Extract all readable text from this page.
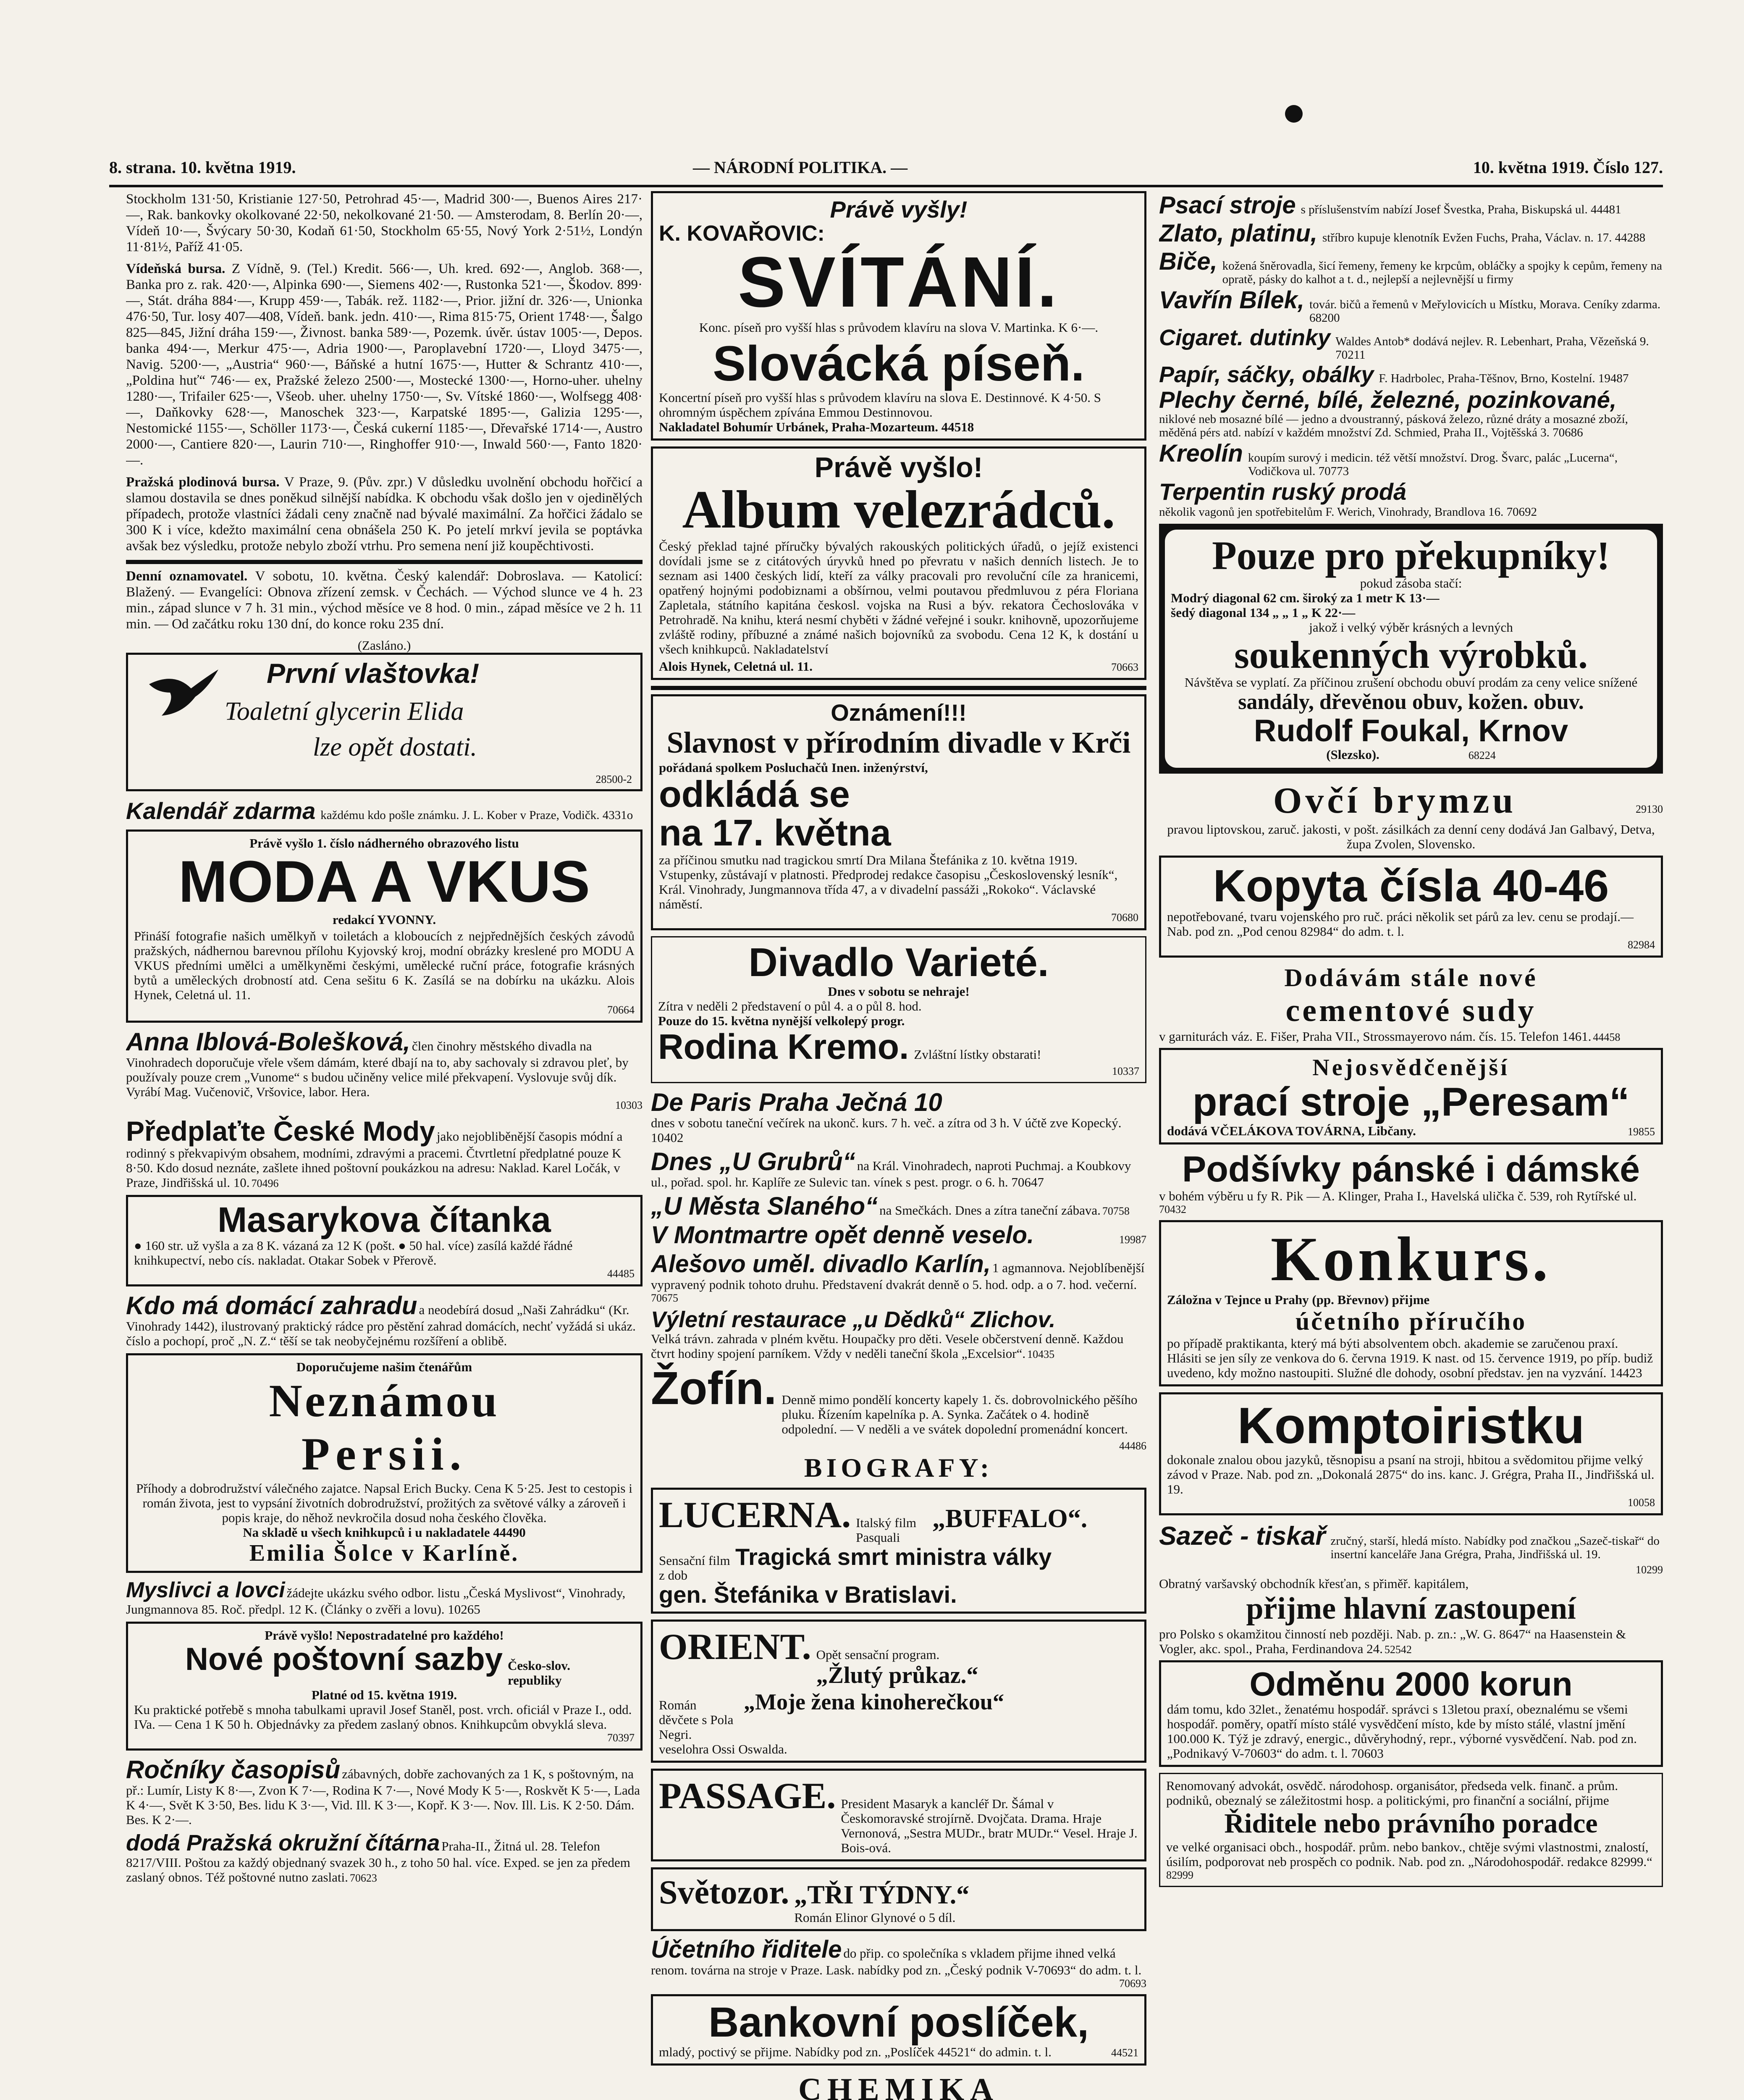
8. strana. 10. května 1919.	— NÁRODNÍ POLITIKA. —	10. května 1919. Číslo 127.

Stockholm 131·50, Kristianie 127·50, Petrohrad 45·—, Madrid 300·—, Buenos Aires 217·—, Rak. bankovky okolkované 22·50, nekolkované 21·50. — Amsterodam, 8. Berlín 20·—, Vídeň 10·—, Švýcary 50·30, Kodaň 61·50, Stockholm 65·55, Nový York 2·51½, Londýn 11·81½, Paříž 41·05.

Vídeňská bursa. Z Vídně, 9. (Tel.) Kredit. 566·—, Uh. kred. 692·—, Anglob. 368·—, Banka pro z. rak. 420·—, Alpinka 690·—, Siemens 402·—, Rustonka 521·—, Škodov. 899·—, Stát. dráha 884·—, Krupp 459·—, Tabák. rež. 1182·—, Prior. jižní dr. 326·—, Unionka 476·50, Tur. losy 407—408, Vídeň. bank. jedn. 410·—, Rima 815·75, Orient 1748·—, Šalgo 825—845, Jižní dráha 159·—, Živnost. banka 589·—, Pozemk. úvěr. ústav 1005·—, Depos. banka 494·—, Merkur 475·—, Adria 1900·—, Paroplavební 1720·—, Lloyd 3475·—, Navig. 5200·—, „Austria“ 960·—, Báňské a hutní 1675·—, Hutter & Schrantz 410·—, „Poldina huť“ 746·— ex, Pražské železo 2500·—, Mostecké 1300·—, Horno-uher. uhelny 1280·—, Trifailer 625·—, Všeob. uher. uhelny 1750·—, Sv. Vítské 1860·—, Wolfsegg 408·—, Daňkovky 628·—, Manoschek 323·—, Karpatské 1895·—, Galizia 1295·—, Nestomické 1155·—, Schöller 1173·—, Česká cukerní 1185·—, Dřevařské 1714·—, Austro 2000·—, Cantiere 820·—, Laurin 710·—, Ringhoffer 910·—, Inwald 560·—, Fanto 1820·—.

Pražská plodinová bursa. V Praze, 9. (Pův. zpr.) V důsledku uvolnění obchodu hořčicí a slamou dostavila se dnes poněkud silnější nabídka. K obchodu však došlo jen v ojedinělých případech, protože vlastníci žádali ceny značně nad bývalé maximální. Za hořčici žádalo se 300 K i více, kdežto maximální cena obnášela 250 K. Po jetelí mrkví jevila se poptávka avšak bez výsledku, protože nebylo zboží vtrhu. Pro semena není již koupěchtivosti.

Denní oznamovatel. V sobotu, 10. května. Český kalendář: Dobroslava. — Katolicí: Blažený. — Evangelíci: Obnova zřízení zemsk. v Čechách. — Východ slunce ve 4 h. 23 min., západ slunce v 7 h. 31 min., východ měsíce ve 8 hod. 0 min., západ měsíce ve 2 h. 11 min. — Od začátku roku 130 dní, do konce roku 235 dní.

(Zasláno.)
První vlaštovka!
Toaletní glycerin Elida
lze opět dostati.
28500-2
Kalendář zdarma každému kdo pošle známku. J. L. Kober v Praze, Vodičk. 4331o
Právě vyšlo 1. číslo nádherného obrazového listu
MODA A VKUS
redakcí YVONNY.
Přináší fotografie našich umělkyň v toiletách a kloboucích z nejpřednějších českých závodů pražských, nádhernou barevnou přílohu Kyjovský kroj, modní obrázky kreslené pro MODU A VKUS předními umělci a umělkyněmi českými, umělecké ruční práce, fotografie krásných bytů a uměleckých drobností atd. Cena sešitu 6 K. Zasílá se na dobírku na ukázku. Alois Hynek, Celetná ul. 11.
70664
Anna Iblová-Bolešková, člen činohry městského divadla na Vinohradech doporučuje vřele všem dámám, které dbají na to, aby sachovaly si zdravou pleť, by používaly pouze crem „Vunome“ s budou učiněny velice milé překvapení. Vyslovuje svůj dík. Vyrábí Mag. Vučenovič, Vršovice, labor. Hera.
10303
Předplaťte České Mody jako nejobliběnější časopis módní a rodinný s překvapivým obsahem, modními, zdravými a pracemi. Čtvrtletní předplatné pouze K 8·50. Kdo dosud neznáte, zašlete ihned poštovní poukázkou na adresu: Naklad. Karel Ločák, v Praze, Jindřišská ul. 10. 70496
Masarykova čítanka
● 160 str. už vyšla a za 8 K. vázaná za 12 K (pošt. ● 50 hal. více) zasílá každé řádné knihkupectví, nebo cís. nakladat. Otakar Sobek v Přerově.
44485
Kdo má domácí zahradu a neodebírá dosud „Naši Zahrádku“ (Kr. Vinohrady 1442), ilustrovaný praktický rádce pro pěstění zahrad domácích, nechť vyžádá si ukáz. číslo a pochopí, proč „N. Z.“ těší se tak neobyčejnému rozšíření a oblibě.
Doporučujeme našim čtenářům
Neznámou
Persii.
Příhody a dobrodružství válečného zajatce. Napsal Erich Bucky. Cena K 5·25. Jest to cestopis i román života, jest to vypsání životních dobrodružství, prožitých za světové války a zároveň i popis kraje, do něhož nevkročila dosud noha českého člověka.
Na skladě u všech knihkupců i u nakladatele 44490
Emilia Šolce v Karlíně.
Myslivci a lovci žádejte ukázku svého odbor. listu „Česká Myslivost“, Vinohrady, Jungmannova 85. Roč. předpl. 12 K. (Články o zvěři a lovu). 10265
Právě vyšlo! Nepostradatelné pro každého!
Nové poštovní sazby Česko-slov. republiky
Platné od 15. května 1919.
Ku praktické potřebě s mnoha tabulkami upravil Josef Staněl, post. vrch. oficiál v Praze I., odd. IVa. — Cena 1 K 50 h. Objednávky za předem zaslaný obnos. Knihkupcům obvyklá sleva.
70397
Ročníky časopisů zábavných, dobře zachovaných za 1 K, s poštovným, na př.: Lumír, Listy K 8·—, Zvon K 7·—, Rodina K 7·—, Nové Mody K 5·—, Roskvět K 5·—, Lada K 4·—, Svět K 3·50, Bes. lidu K 3·—, Vid. Ill. K 3·—, Kopř. K 3·—. Nov. Ill. Lis. K 2·50. Dám. Bes. K 2·—.
dodá Pražská okružní čítárna Praha-II., Žitná ul. 28. Telefon 8217/VIII. Poštou za každý objednaný svazek 30 h., z toho 50 hal. více. Exped. se jen za předem zaslaný obnos. Též poštovné nutno zaslati. 70623
Právě vyšly!
K. KOVAŘOVIC:
SVÍTÁNÍ.
Konc. píseň pro vyšší hlas s průvodem klavíru na slova V. Martinka. K 6·—.
Slovácká píseň.
Koncertní píseň pro vyšší hlas s průvodem klavíru na slova E. Destinnové. K 4·50. S ohromným úspěchem zpívána Emmou Destinnovou.
Nakladatel Bohumír Urbánek, Praha-Mozarteum. 44518
Právě vyšlo!
Album velezrádců.
Český překlad tajné příručky bývalých rakouských politických úřadů, o jejíž existenci dovídali jsme se z citátových úryvků hned po převratu v našich denních listech. Je to seznam asi 1400 českých lidí, kteří za války pracovali pro revoluční cíle za hranicemi, opatřený hojnými podobiznami a obšírnou, velmi poutavou předmluvou z péra Floriana Zapletala, státního kapitána českosl. vojska na Rusi a býv. rekatora Čechoslováka v Petrohradě. Na knihu, která nesmí chyběti v žádné veřejné i soukr. knihovně, upozorňujeme zvláště rodiny, příbuzné a známé našich bojovníků za svobodu. Cena 12 K, k dostání u všech knihkupců. Nakladatelství
Alois Hynek, Celetná ul. 11.	70663
Oznámení!!!
Slavnost v přírodním divadle v Krči
pořádaná spolkem Posluchačů Inen. inženýrství,
odkládá se
na 17. května
za příčinou smutku nad tragickou smrtí Dra Milana Štefánika z 10. května 1919. Vstupenky, zůstávají v platnosti. Předprodej redakce časopisu „Československý lesník“, Král. Vinohrady, Jungmannova třída 47, a v divadelní passáži „Rokoko“. Václavské náměstí.
70680
Divadlo Varieté.
Dnes v sobotu se nehraje!
Zítra v neděli 2 představení o půl 4. a o půl 8. hod.
Pouze do 15. května nynější velkolepý progr.
Rodina Kremo. Zvláštní lístky obstarati!
10337
De Paris Praha Ječná 10
dnes v sobotu taneční večírek na ukonč. kurs. 7 h. več. a zítra od 3 h. V účtě zve Kopecký. 10402
Dnes „U Grubrů“ na Král. Vinohradech, naproti Puchmaj. a Koubkovy ul., pořad. spol. hr. Kaplíře ze Sulevic tan. vínek s pest. progr. o 6. h. 70647
„U Města Slaného“ na Smečkách. Dnes a zítra taneční zábava. 70758
V Montmartre opět denně veselo.	19987
Alešovo uměl. divadlo Karlín, 1 agmannova. Nejoblíbenější vypravený podnik tohoto druhu. Představení dvakrát denně o 5. hod. odp. a o 7. hod. večerní. 70675
Výletní restaurace „u Dědků“ Zlichov.
Velká trávn. zahrada v plném květu. Houpačky pro děti. Vesele občerstvení denně. Každou čtvrt hodiny spojení parníkem. Vždy v neděli taneční škola „Excelsior“. 10435
Žofín. Denně mimo pondělí koncerty kapely 1. čs. dobrovolnického pěšího pluku. Řízením kapelníka p. A. Synka. Začátek o 4. hodině odpolední. — V neděli a ve svátek dopolední promenádní koncert.
44486
BIOGRAFY:
LUCERNA. Italský film Pasquali
„BUFFALO“.
Sensační film z dob
Tragická smrt ministra války
gen. Štefánika v Bratislavi.
ORIENT. Opět sensační program.
„Žlutý průkaz.“
Román děvčete s Pola Negri.
„Moje žena kinoherečkou“
veselohra Ossi Oswalda.
PASSAGE. President Masaryk a kancléř Dr. Šámal v Českomoravské strojírně. Dvojčata. Drama. Hraje Vernonová, „Sestra MUDr., bratr MUDr.“ Vesel. Hraje J. Bois-ová.
Světozor. „TŘI TÝDNY.“
Román Elinor Glynové o 5 díl.
Účetního řiditele do přip. co společníka s vkladem přijme ihned velká renom. továrna na stroje v Praze. Lask. nabídky pod zn. „Český podnik V-70693“ do adm. t. l.
70693
Bankovní poslíček,
mladý, poctivý se přijme. Nabídky pod zn. „Poslíček 44521“ do admin. t. l.	44521
CHEMIKA
Psací stroje s příslušenstvím nabízí Josef Švestka, Praha, Biskupská ul. 44481
Zlato, platinu, stříbro kupuje klenotník Evžen Fuchs, Praha, Václav. n. 17. 44288
Biče, kožená šněrovadla, šicí řemeny, řemeny ke krpcům, obláčky a spojky k cepům, řemeny na opratě, pásky do kalhot a t. d., nejlepší a nejlevnější u firmy
Vavřín Bílek, továr. bičů a řemenů v Meřylovicích u Místku, Morava. Ceníky zdarma. 68200
Cigaret. dutinky Waldes Antob* dodává nejlev. R. Lebenhart, Praha, Vězeňská 9. 70211
Papír, sáčky, obálky F. Hadrbolec, Praha-Těšnov, Brno, Kostelní. 19487
Plechy černé, bílé, železné, pozinkované,
niklové neb mosazné bílé — jedno a dvoustranný, pásková železo, různé dráty a mosazné zboží, měděná pérs atd. nabízí v každém množství Zd. Schmied, Praha II., Vojtěšská 3. 70686
Kreolín koupím surový i medicin. též větší množství. Drog. Švarc, palác „Lucerna“, Vodičkova ul. 70773
Terpentin ruský prodá
několik vagonů jen spotřebitelům F. Werich, Vinohrady, Brandlova 16. 70692
Pouze pro překupníky!
pokud zásoba stačí:
Modrý diagonal 62 cm. široký za 1 metr K 13·—
šedý diagonal 134 „ „ 1 „ K 22·—
jakož i velký výběr krásných a levných
soukenných výrobků.
Návštěva se vyplatí. Za příčinou zrušení obchodu obuví prodám za ceny velice snížené
sandály, dřevěnou obuv, kožen. obuv.
Rudolf Foukal, Krnov
(Slezsko).	68224
Ovčí brymzu	29130
pravou liptovskou, zaruč. jakosti, v pošt. zásilkách za denní ceny dodává Jan Galbavý, Detva, župa Zvolen, Slovensko.
Kopyta čísla 40-46
nepotřebované, tvaru vojenského pro ruč. práci několik set párů za lev. cenu se prodají.— Nab. pod zn. „Pod cenou 82984“ do adm. t. l.
82984
Dodávám stále nové
cementové sudy
v garniturách váz. E. Fišer, Praha VII., Strossmayerovo nám. čís. 15. Telefon 1461. 44458
Nejosvědčenější
prací stroje „Peresam“
dodává VČELÁKOVA TOVÁRNA, Libčany.	19855
Podšívky pánské i dámské
v bohém výběru u fy R. Pik — A. Klinger, Praha I., Havelská ulička č. 539, roh Rytířské ul. 70432
Konkurs.
Záložna v Tejnce u Prahy (pp. Břevnov) přijme
účetního příručího
po případě praktikanta, který má býti absolventem obch. akademie se zaručenou praxí. Hlásiti se jen síly ze venkova do 6. června 1919. K nast. od 15. července 1919, po příp. budiž uvedeno, kdy možno nastoupiti. Služné dle dohody, osobní představ. jen na vyzvání. 14423
Komptoiristku
dokonale znalou obou jazyků, těsnopisu a psaní na stroji, hbitou a svědomitou přijme velký závod v Praze. Nab. pod zn. „Dokonalá 2875“ do ins. kanc. J. Grégra, Praha II., Jindřišská ul. 19.
10058
Sazeč - tiskař zručný, starší, hledá místo. Nabídky pod značkou „Sazeč-tiskař“ do insertní kanceláře Jana Grégra, Praha, Jindřišská ul. 19.
10299
Obratný varšavský obchodník křesťan, s přiměř. kapitálem,
přijme hlavní zastoupení
pro Polsko s okamžitou činností neb později. Nab. p. zn.: „W. G. 8647“ na Haasenstein & Vogler, akc. spol., Praha, Ferdinandova 24. 52542
Odměnu 2000 korun
dám tomu, kdo 32let., ženatému hospodář. správci s 13letou praxí, obeznalému se všemi hospodář. poměry, opatří místo stálé vysvědčení místo, kde by místo stálé, vlastní jmění 100.000 K. Týž je zdravý, energic., důvěryhodný, repr., výborné vysvědčení. Nab. pod zn. „Podnikavý V-70603“ do adm. t. l. 70603
Renomovaný advokát, osvědč. národohosp. organisátor, předseda velk. finanč. a prům. podniků, obeznalý se záležitostmi hosp. a politickými, pro finanční a sociální, přijme
Řiditele nebo právního poradce
ve velké organisaci obch., hospodář. prům. nebo bankov., chtěje svými vlastnostmi, znalostí, úsilím, podporovat neb prospěch co podnik. Nab. pod zn. „Národohospodář. redakce 82999.“ 82999
